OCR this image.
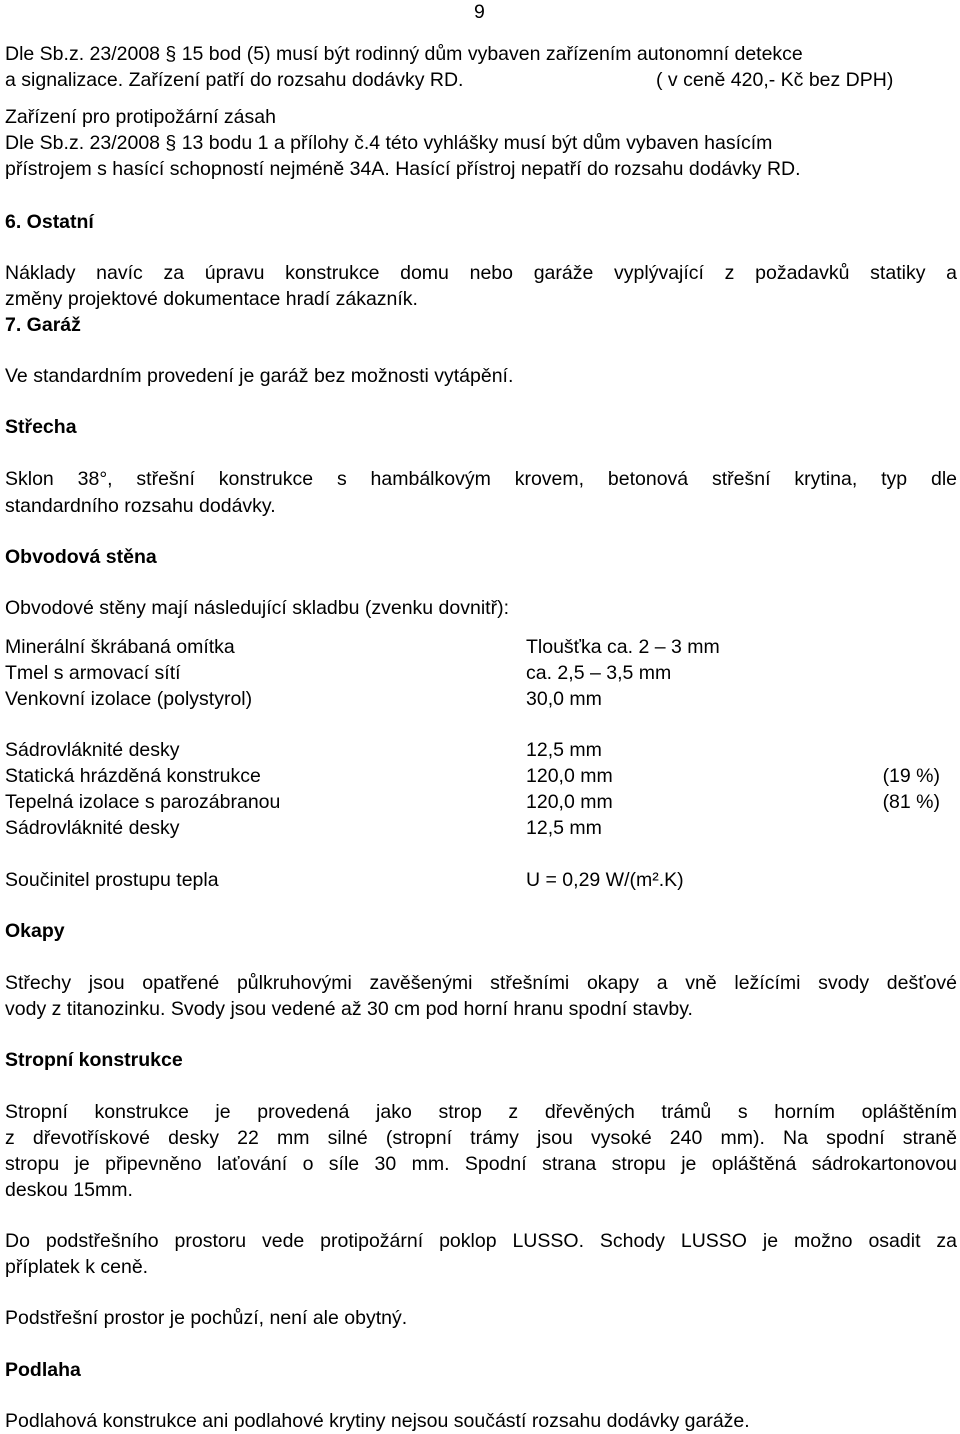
9
Dle Sb.z. 23/2008 § 15 bod (5) musí být rodinný dům vybaven zařízením autonomní detekce
a signalizace. Zařízení patří do rozsahu dodávky RD.	( v ceně 420,- Kč bez DPH)
Zařízení pro protipožární zásah
Dle Sb.z. 23/2008 § 13 bodu 1 a přílohy č.4 této vyhlášky musí být dům vybaven hasícím
přístrojem s hasící schopností nejméně 34A. Hasící přístroj nepatří do rozsahu dodávky RD.
6. Ostatní
Náklady navíc za úpravu konstrukce domu nebo garáže vyplývající z požadavků statiky a
změny projektové dokumentace hradí zákazník.
7. Garáž
Ve standardním provedení je garáž bez možnosti vytápění.
Střecha
Sklon 38°, střešní konstrukce s hambálkovým krovem, betonová střešní krytina, typ dle
standardního rozsahu dodávky.
Obvodová stěna
Obvodové stěny mají následující skladbu (zvenku dovnitř):
Minerální škrábaná omítka	Tloušťka ca. 2 – 3 mm
Tmel s armovací sítí	ca. 2,5 – 3,5 mm
Venkovní izolace (polystyrol)	30,0 mm
Sádrovláknité desky	12,5 mm
Statická hrázděná konstrukce	120,0 mm	(19 %)
Tepelná izolace s parozábranou	120,0 mm	(81 %)
Sádrovláknité desky	12,5 mm
Součinitel prostupu tepla	U = 0,29 W/(m².K)
Okapy
Střechy jsou opatřené půlkruhovými zavěšenými střešními okapy a vně ležícími svody dešťové
vody z titanozinku. Svody jsou vedené až 30 cm pod horní hranu spodní stavby.
Stropní konstrukce
Stropní konstrukce je provedená jako strop z dřevěných trámů s horním opláštěním
z dřevotřískové desky 22 mm silné (stropní trámy jsou vysoké 240 mm). Na spodní straně
stropu je připevněno laťování o síle 30 mm. Spodní strana stropu je opláštěná sádrokartonovou
deskou 15mm.
Do podstřešního prostoru vede protipožární poklop LUSSO. Schody LUSSO je možno osadit za
příplatek k ceně.
Podstřešní prostor je pochůzí, není ale obytný.
Podlaha
Podlahová konstrukce ani podlahové krytiny nejsou součástí rozsahu dodávky garáže.
